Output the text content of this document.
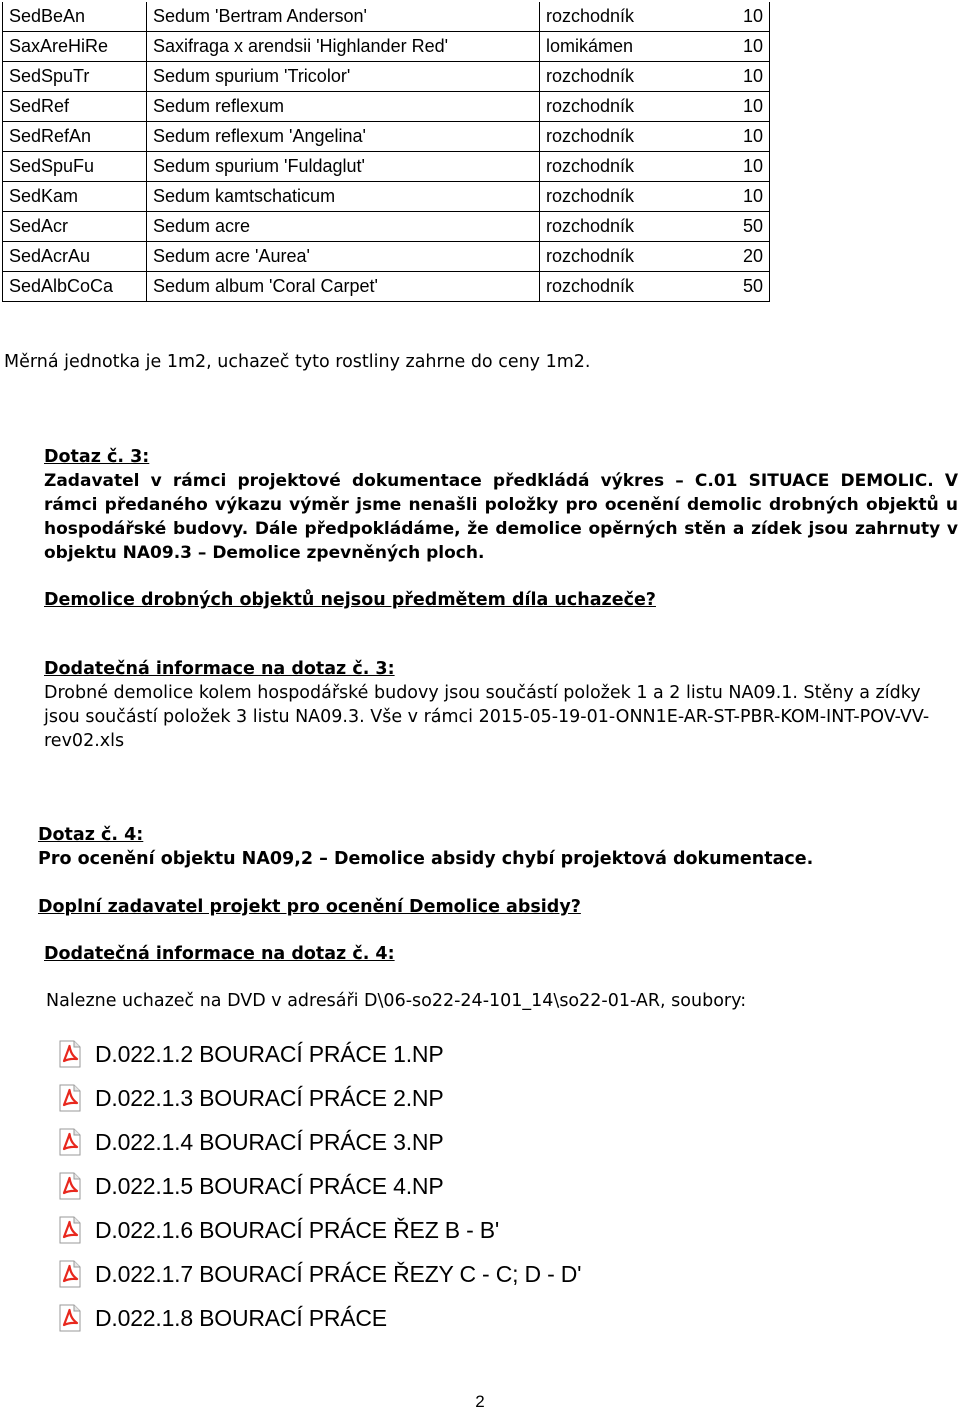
SedBeAn	Sedum 'Bertram Anderson'	rozchodník	10
SaxAreHiRe	Saxifraga x arendsii 'Highlander Red'	lomikámen	10
SedSpuTr	Sedum spurium 'Tricolor'	rozchodník	10
SedRef	Sedum reflexum	rozchodník	10
SedRefAn	Sedum reflexum 'Angelina'	rozchodník	10
SedSpuFu	Sedum spurium 'Fuldaglut'	rozchodník	10
SedKam	Sedum kamtschaticum	rozchodník	10
SedAcr	Sedum acre	rozchodník	50
SedAcrAu	Sedum acre 'Aurea'	rozchodník	20
SedAlbCoCa	Sedum album 'Coral Carpet'	rozchodník	50

Měrná jednotka je 1m2, uchazeč tyto rostliny zahrne do ceny 1m2.

Dotaz č. 3:

Zadavatel v rámci projektové dokumentace předkládá výkres – C.01 SITUACE DEMOLIC. V rámci předaného výkazu výměr jsme nenašli položky pro ocenění demolic drobných objektů u hospodářské budovy. Dále předpokládáme, že demolice opěrných stěn a zídek jsou zahrnuty v objektu NA09.3 – Demolice zpevněných ploch.

Demolice drobných objektů nejsou předmětem díla uchazeče?

Dodatečná informace na dotaz č. 3:

Drobné demolice kolem hospodářské budovy jsou součástí položek 1 a 2 listu NA09.1. Stěny a zídky jsou součástí položek 3 listu NA09.3. Vše v rámci 2015-05-19-01-ONN1E-AR-ST-PBR-KOM-INT-POV-VV-rev02.xls

Dotaz č. 4:

Pro ocenění objektu NA09,2 – Demolice absidy chybí projektová dokumentace.

Doplní zadavatel projekt pro ocenění Demolice absidy?

Dodatečná informace na dotaz č. 4:

Nalezne uchazeč na DVD v adresáři D\06-so22-24-101_14\so22-01-AR, soubory:

D.022.1.2 BOURACÍ PRÁCE 1.NP
D.022.1.3 BOURACÍ PRÁCE 2.NP
D.022.1.4 BOURACÍ PRÁCE 3.NP
D.022.1.5 BOURACÍ PRÁCE 4.NP
D.022.1.6 BOURACÍ PRÁCE ŘEZ B - B'
D.022.1.7 BOURACÍ PRÁCE ŘEZY C - C; D - D'
D.022.1.8 BOURACÍ PRÁCE
2
